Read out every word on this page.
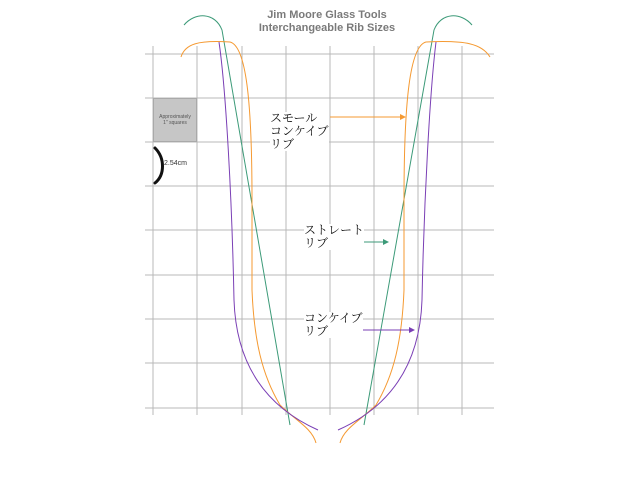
Jim Moore Glass Tools
Interchangeable Rib Sizes
Approximately
1" squares
2.54cm
スモール
コンケイブ
リブ
ストレート
リブ
コンケイブ
リブ
